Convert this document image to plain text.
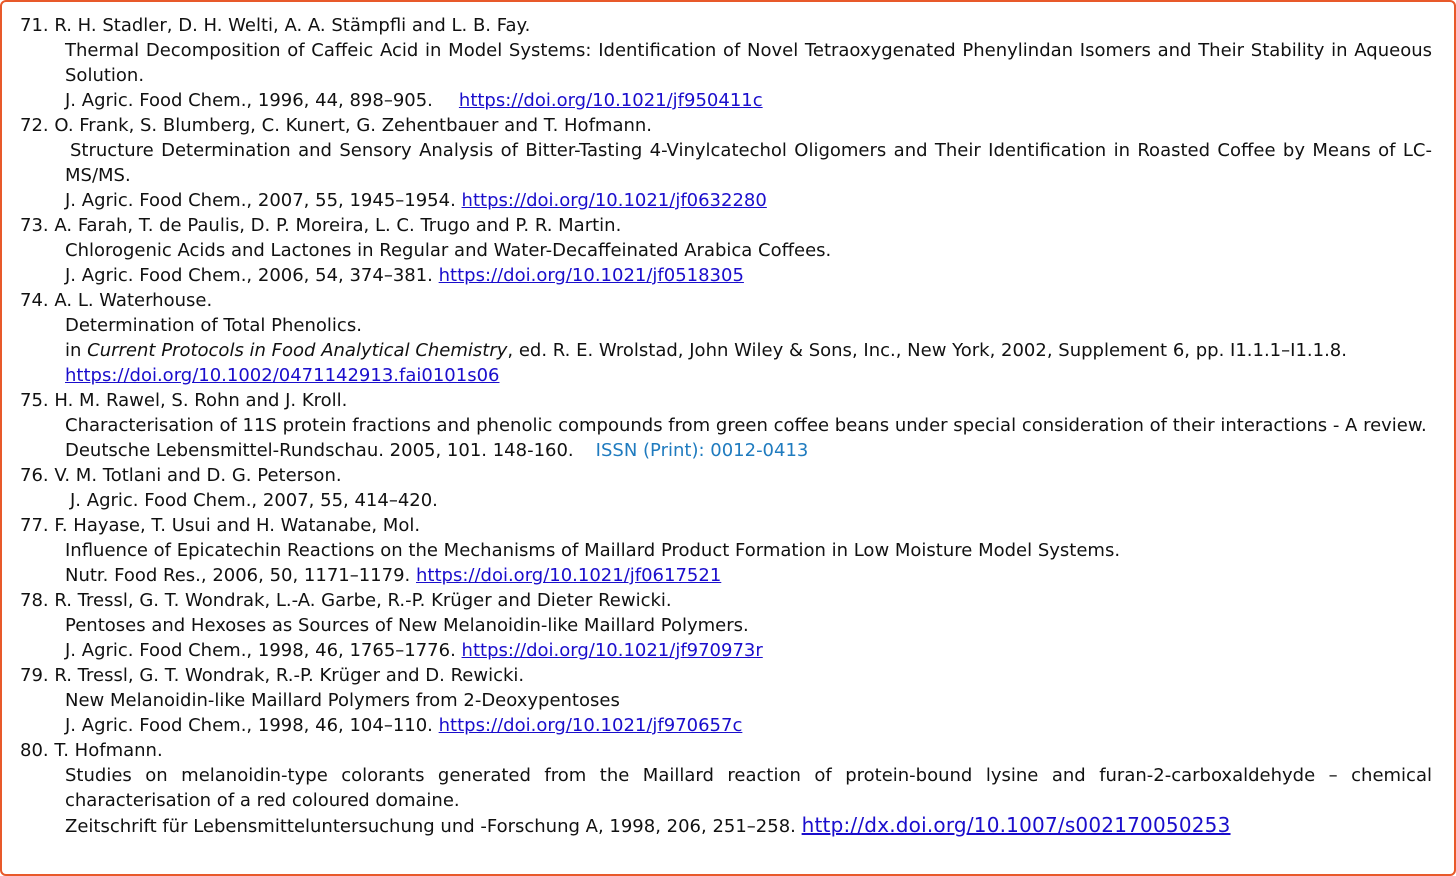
71. R. H. Stadler, D. H. Welti, A. A. Stämpfli and L. B. Fay.
Thermal Decomposition of Caffeic Acid in Model Systems: Identification of Novel Tetraoxygenated Phenylindan Isomers and Their Stability in Aqueous Solution.
J. Agric. Food Chem., 1996, 44, 898–905. https://doi.org/10.1021/jf950411c
72. O. Frank, S. Blumberg, C. Kunert, G. Zehentbauer and T. Hofmann.
Structure Determination and Sensory Analysis of Bitter-Tasting 4-Vinylcatechol Oligomers and Their Identification in Roasted Coffee by Means of LC-MS/MS.
J. Agric. Food Chem., 2007, 55, 1945–1954. https://doi.org/10.1021/jf0632280
73. A. Farah, T. de Paulis, D. P. Moreira, L. C. Trugo and P. R. Martin.
Chlorogenic Acids and Lactones in Regular and Water-Decaffeinated Arabica Coffees.
J. Agric. Food Chem., 2006, 54, 374–381. https://doi.org/10.1021/jf0518305
74. A. L. Waterhouse.
Determination of Total Phenolics.
in Current Protocols in Food Analytical Chemistry, ed. R. E. Wrolstad, John Wiley & Sons, Inc., New York, 2002, Supplement 6, pp. I1.1.1–I1.1.8.
https://doi.org/10.1002/0471142913.fai0101s06
75. H. M. Rawel, S. Rohn and J. Kroll.
Characterisation of 11S protein fractions and phenolic compounds from green coffee beans under special consideration of their interactions - A review.
Deutsche Lebensmittel-Rundschau. 2005, 101. 148-160. ISSN (Print): 0012-0413
76. V. M. Totlani and D. G. Peterson.
J. Agric. Food Chem., 2007, 55, 414–420.
77. F. Hayase, T. Usui and H. Watanabe, Mol.
Influence of Epicatechin Reactions on the Mechanisms of Maillard Product Formation in Low Moisture Model Systems.
Nutr. Food Res., 2006, 50, 1171–1179. https://doi.org/10.1021/jf0617521
78. R. Tressl, G. T. Wondrak, L.-A. Garbe, R.-P. Krüger and Dieter Rewicki.
Pentoses and Hexoses as Sources of New Melanoidin-like Maillard Polymers.
J. Agric. Food Chem., 1998, 46, 1765–1776. https://doi.org/10.1021/jf970973r
79. R. Tressl, G. T. Wondrak, R.-P. Krüger and D. Rewicki.
New Melanoidin-like Maillard Polymers from 2-Deoxypentoses
J. Agric. Food Chem., 1998, 46, 104–110. https://doi.org/10.1021/jf970657c
80. T. Hofmann.
Studies on melanoidin-type colorants generated from the Maillard reaction of protein-bound lysine and furan-2-carboxaldehyde – chemical characterisation of a red coloured domaine.
Zeitschrift für Lebensmitteluntersuchung und -Forschung A, 1998, 206, 251–258. http://dx.doi.org/10.1007/s002170050253
